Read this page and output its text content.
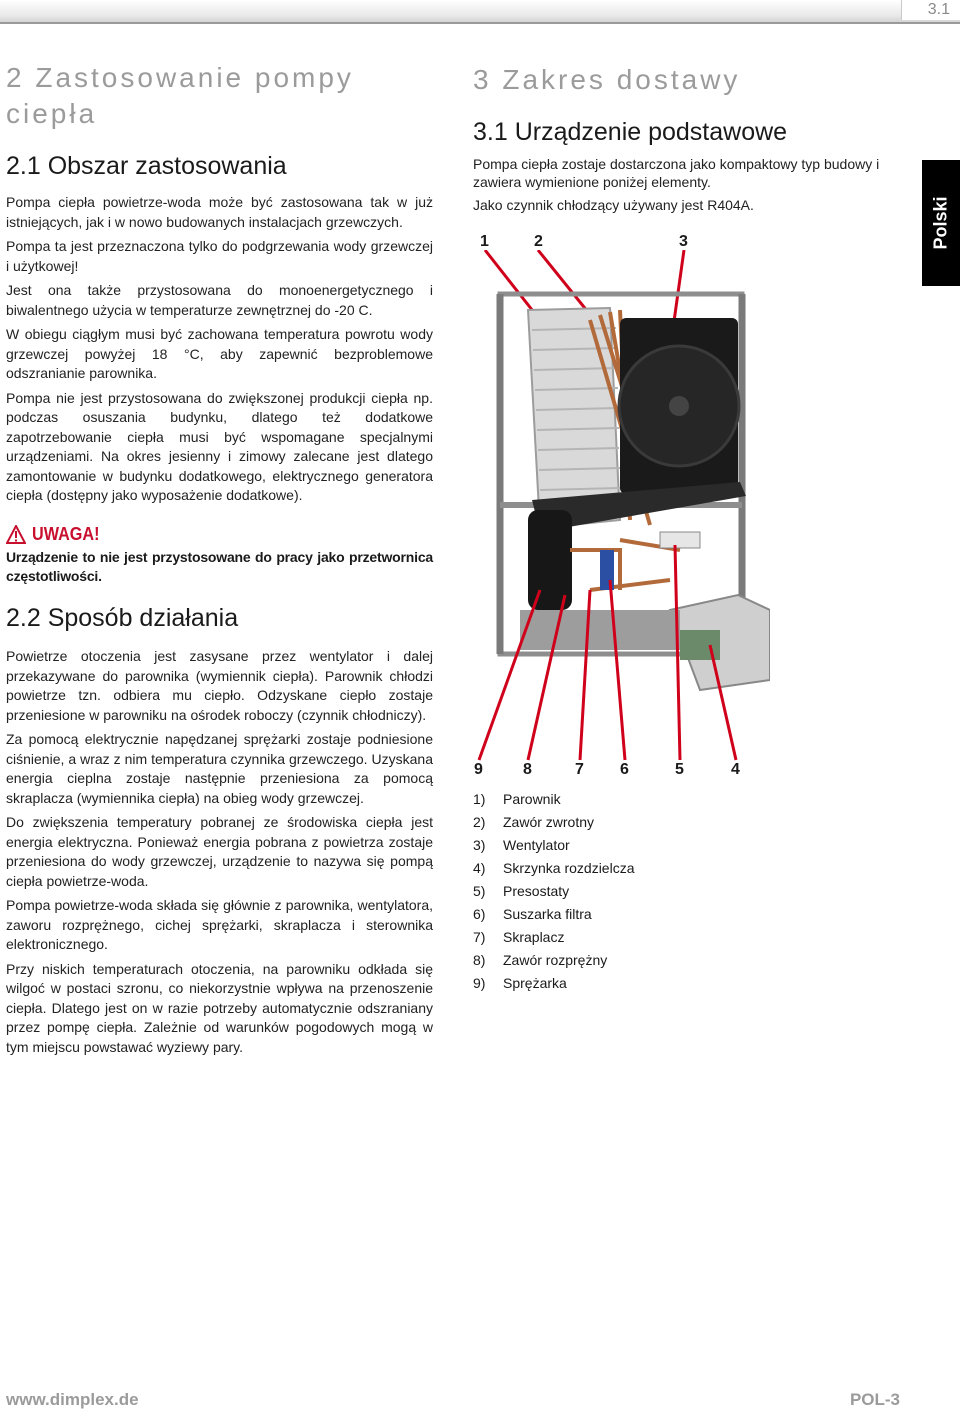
3.1
Polski
2 Zastosowanie pompy ciepła
2.1 Obszar zastosowania

Pompa ciepła powietrze-woda może być zastosowana tak w już istniejących, jak i w nowo budowanych instalacjach grzewczych.

Pompa ta jest przeznaczona tylko do podgrzewania wody grzewczej i użytkowej!

Jest ona także przystosowana do monoenergetycznego i biwalentnego użycia w temperaturze zewnętrznej do -20 C.

W obiegu ciągłym musi być zachowana temperatura powrotu wody grzewczej powyżej 18 °C, aby zapewnić bezproblemowe odszranianie parownika.

Pompa nie jest przystosowana do zwiększonej produkcji ciepła np. podczas osuszania budynku, dlatego też dodatkowe zapotrzebowanie ciepła musi być wspomagane specjalnymi urządzeniami. Na okres jesienny i zimowy zalecane jest dlatego zamontowanie w budynku dodatkowego, elektrycznego generatora ciepła (dostępny jako wyposażenie dodatkowe).

UWAGA!

Urządzenie to nie jest przystosowane do pracy jako przetwornica częstotliwości.

2.2 Sposób działania

Powietrze otoczenia jest zasysane przez wentylator i dalej przekazywane do parownika (wymiennik ciepła). Parownik chłodzi powietrze tzn. odbiera mu ciepło. Odzyskane ciepło zostaje przeniesione w parowniku na ośrodek roboczy (czynnik chłodniczy).

Za pomocą elektrycznie napędzanej sprężarki zostaje podniesione ciśnienie, a wraz z nim temperatura czynnika grzewczego. Uzyskana energia cieplna zostaje następnie przeniesiona za pomocą skraplacza (wymiennika ciepła) na obieg wody grzewczej.

Do zwiększenia temperatury pobranej ze środowiska ciepła jest energia elektryczna. Ponieważ energia pobrana z powietrza zostaje przeniesiona do wody grzewczej, urządzenie to nazywa się pompą ciepła powietrze-woda.

Pompa powietrze-woda składa się głównie z parownika, wentylatora, zaworu rozprężnego, cichej sprężarki, skraplacza i sterownika elektronicznego.

Przy niskich temperaturach otoczenia, na parowniku odkłada się wilgoć w postaci szronu, co niekorzystnie wpływa na przenoszenie ciepła. Dlatego jest on w razie potrzeby automatycznie odszraniany przez pompę ciepła. Zależnie od warunków pogodowych mogą w tym miejscu powstawać wyziewy pary.

3 Zakres dostawy
3.1 Urządzenie podstawowe

Pompa ciepła zostaje dostarczona jako kompaktowy typ budowy i zawiera wymienione poniżej elementy.

Jako czynnik chłodzący używany jest R404A.

1	2	3
9	8	7 6	5	4
1) Parownik
2) Zawór zwrotny
3) Wentylator
4) Skrzynka rozdzielcza
5) Presostaty
6) Suszarka filtra
7) Skraplacz
8) Zawór rozprężny
9) Sprężarka
www.dimplex.de	POL-3
